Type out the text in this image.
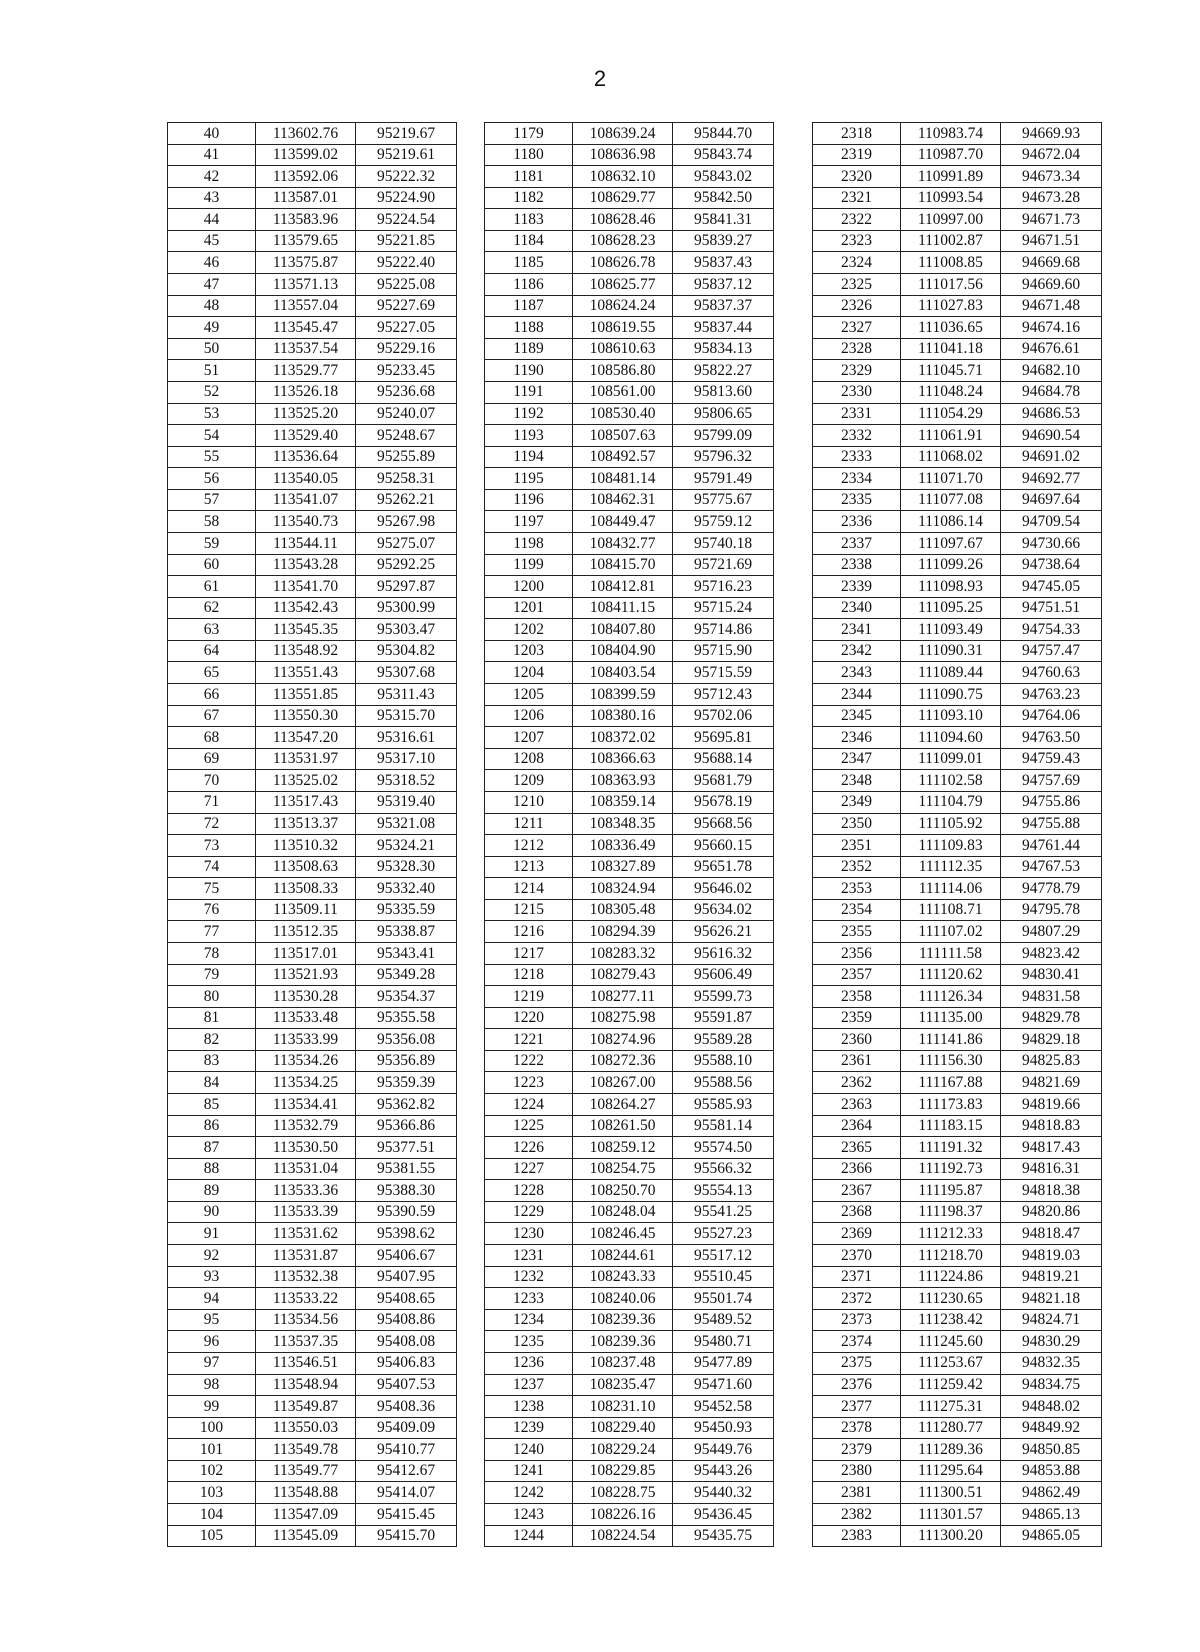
2
40	113602.76	95219.67
41	113599.02	95219.61
42	113592.06	95222.32
43	113587.01	95224.90
44	113583.96	95224.54
45	113579.65	95221.85
46	113575.87	95222.40
47	113571.13	95225.08
48	113557.04	95227.69
49	113545.47	95227.05
50	113537.54	95229.16
51	113529.77	95233.45
52	113526.18	95236.68
53	113525.20	95240.07
54	113529.40	95248.67
55	113536.64	95255.89
56	113540.05	95258.31
57	113541.07	95262.21
58	113540.73	95267.98
59	113544.11	95275.07
60	113543.28	95292.25
61	113541.70	95297.87
62	113542.43	95300.99
63	113545.35	95303.47
64	113548.92	95304.82
65	113551.43	95307.68
66	113551.85	95311.43
67	113550.30	95315.70
68	113547.20	95316.61
69	113531.97	95317.10
70	113525.02	95318.52
71	113517.43	95319.40
72	113513.37	95321.08
73	113510.32	95324.21
74	113508.63	95328.30
75	113508.33	95332.40
76	113509.11	95335.59
77	113512.35	95338.87
78	113517.01	95343.41
79	113521.93	95349.28
80	113530.28	95354.37
81	113533.48	95355.58
82	113533.99	95356.08
83	113534.26	95356.89
84	113534.25	95359.39
85	113534.41	95362.82
86	113532.79	95366.86
87	113530.50	95377.51
88	113531.04	95381.55
89	113533.36	95388.30
90	113533.39	95390.59
91	113531.62	95398.62
92	113531.87	95406.67
93	113532.38	95407.95
94	113533.22	95408.65
95	113534.56	95408.86
96	113537.35	95408.08
97	113546.51	95406.83
98	113548.94	95407.53
99	113549.87	95408.36
100	113550.03	95409.09
101	113549.78	95410.77
102	113549.77	95412.67
103	113548.88	95414.07
104	113547.09	95415.45
105	113545.09	95415.70
1179	108639.24	95844.70
1180	108636.98	95843.74
1181	108632.10	95843.02
1182	108629.77	95842.50
1183	108628.46	95841.31
1184	108628.23	95839.27
1185	108626.78	95837.43
1186	108625.77	95837.12
1187	108624.24	95837.37
1188	108619.55	95837.44
1189	108610.63	95834.13
1190	108586.80	95822.27
1191	108561.00	95813.60
1192	108530.40	95806.65
1193	108507.63	95799.09
1194	108492.57	95796.32
1195	108481.14	95791.49
1196	108462.31	95775.67
1197	108449.47	95759.12
1198	108432.77	95740.18
1199	108415.70	95721.69
1200	108412.81	95716.23
1201	108411.15	95715.24
1202	108407.80	95714.86
1203	108404.90	95715.90
1204	108403.54	95715.59
1205	108399.59	95712.43
1206	108380.16	95702.06
1207	108372.02	95695.81
1208	108366.63	95688.14
1209	108363.93	95681.79
1210	108359.14	95678.19
1211	108348.35	95668.56
1212	108336.49	95660.15
1213	108327.89	95651.78
1214	108324.94	95646.02
1215	108305.48	95634.02
1216	108294.39	95626.21
1217	108283.32	95616.32
1218	108279.43	95606.49
1219	108277.11	95599.73
1220	108275.98	95591.87
1221	108274.96	95589.28
1222	108272.36	95588.10
1223	108267.00	95588.56
1224	108264.27	95585.93
1225	108261.50	95581.14
1226	108259.12	95574.50
1227	108254.75	95566.32
1228	108250.70	95554.13
1229	108248.04	95541.25
1230	108246.45	95527.23
1231	108244.61	95517.12
1232	108243.33	95510.45
1233	108240.06	95501.74
1234	108239.36	95489.52
1235	108239.36	95480.71
1236	108237.48	95477.89
1237	108235.47	95471.60
1238	108231.10	95452.58
1239	108229.40	95450.93
1240	108229.24	95449.76
1241	108229.85	95443.26
1242	108228.75	95440.32
1243	108226.16	95436.45
1244	108224.54	95435.75
2318	110983.74	94669.93
2319	110987.70	94672.04
2320	110991.89	94673.34
2321	110993.54	94673.28
2322	110997.00	94671.73
2323	111002.87	94671.51
2324	111008.85	94669.68
2325	111017.56	94669.60
2326	111027.83	94671.48
2327	111036.65	94674.16
2328	111041.18	94676.61
2329	111045.71	94682.10
2330	111048.24	94684.78
2331	111054.29	94686.53
2332	111061.91	94690.54
2333	111068.02	94691.02
2334	111071.70	94692.77
2335	111077.08	94697.64
2336	111086.14	94709.54
2337	111097.67	94730.66
2338	111099.26	94738.64
2339	111098.93	94745.05
2340	111095.25	94751.51
2341	111093.49	94754.33
2342	111090.31	94757.47
2343	111089.44	94760.63
2344	111090.75	94763.23
2345	111093.10	94764.06
2346	111094.60	94763.50
2347	111099.01	94759.43
2348	111102.58	94757.69
2349	111104.79	94755.86
2350	111105.92	94755.88
2351	111109.83	94761.44
2352	111112.35	94767.53
2353	111114.06	94778.79
2354	111108.71	94795.78
2355	111107.02	94807.29
2356	111111.58	94823.42
2357	111120.62	94830.41
2358	111126.34	94831.58
2359	111135.00	94829.78
2360	111141.86	94829.18
2361	111156.30	94825.83
2362	111167.88	94821.69
2363	111173.83	94819.66
2364	111183.15	94818.83
2365	111191.32	94817.43
2366	111192.73	94816.31
2367	111195.87	94818.38
2368	111198.37	94820.86
2369	111212.33	94818.47
2370	111218.70	94819.03
2371	111224.86	94819.21
2372	111230.65	94821.18
2373	111238.42	94824.71
2374	111245.60	94830.29
2375	111253.67	94832.35
2376	111259.42	94834.75
2377	111275.31	94848.02
2378	111280.77	94849.92
2379	111289.36	94850.85
2380	111295.64	94853.88
2381	111300.51	94862.49
2382	111301.57	94865.13
2383	111300.20	94865.05
